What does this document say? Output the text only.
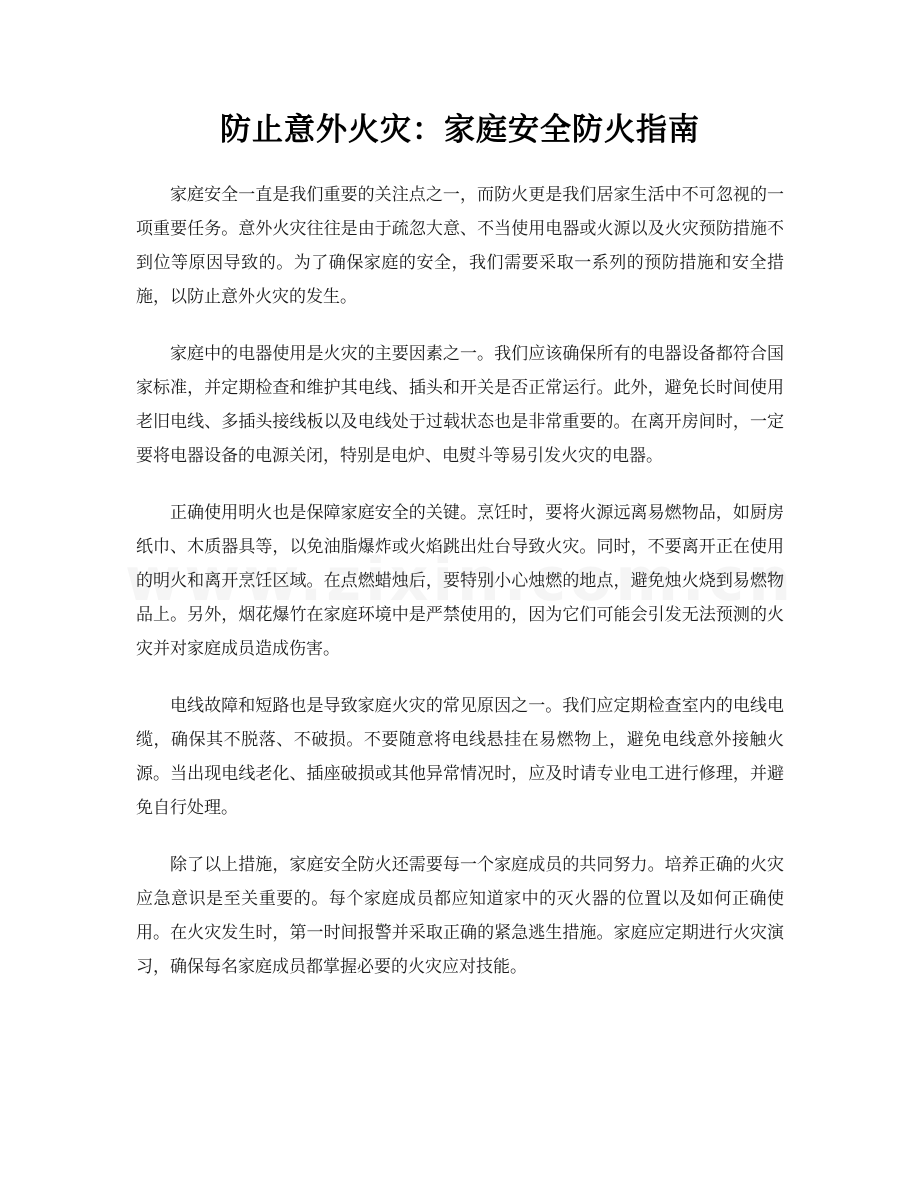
防止意外火灾：家庭安全防火指南

家庭安全一直是我们重要的关注点之一，而防火更是我们居家生活中不可忽视的一项重要任务。意外火灾往往是由于疏忽大意、不当使用电器或火源以及火灾预防措施不到位等原因导致的。为了确保家庭的安全，我们需要采取一系列的预防措施和安全措施，以防止意外火灾的发生。

家庭中的电器使用是火灾的主要因素之一。我们应该确保所有的电器设备都符合国家标准，并定期检查和维护其电线、插头和开关是否正常运行。此外，避免长时间使用老旧电线、多插头接线板以及电线处于过载状态也是非常重要的。在离开房间时，一定要将电器设备的电源关闭，特别是电炉、电熨斗等易引发火灾的电器。

正确使用明火也是保障家庭安全的关键。烹饪时，要将火源远离易燃物品，如厨房纸巾、木质器具等，以免油脂爆炸或火焰跳出灶台导致火灾。同时，不要离开正在使用的明火和离开烹饪区域。在点燃蜡烛后，要特别小心烛燃的地点，避免烛火烧到易燃物品上。另外，烟花爆竹在家庭环境中是严禁使用的，因为它们可能会引发无法预测的火灾并对家庭成员造成伤害。

电线故障和短路也是导致家庭火灾的常见原因之一。我们应定期检查室内的电线电缆，确保其不脱落、不破损。不要随意将电线悬挂在易燃物上，避免电线意外接触火源。当出现电线老化、插座破损或其他异常情况时，应及时请专业电工进行修理，并避免自行处理。

除了以上措施，家庭安全防火还需要每一个家庭成员的共同努力。培养正确的火灾应急意识是至关重要的。每个家庭成员都应知道家中的灭火器的位置以及如何正确使用。在火灾发生时，第一时间报警并采取正确的紧急逃生措施。家庭应定期进行火灾演习，确保每名家庭成员都掌握必要的火灾应对技能。
